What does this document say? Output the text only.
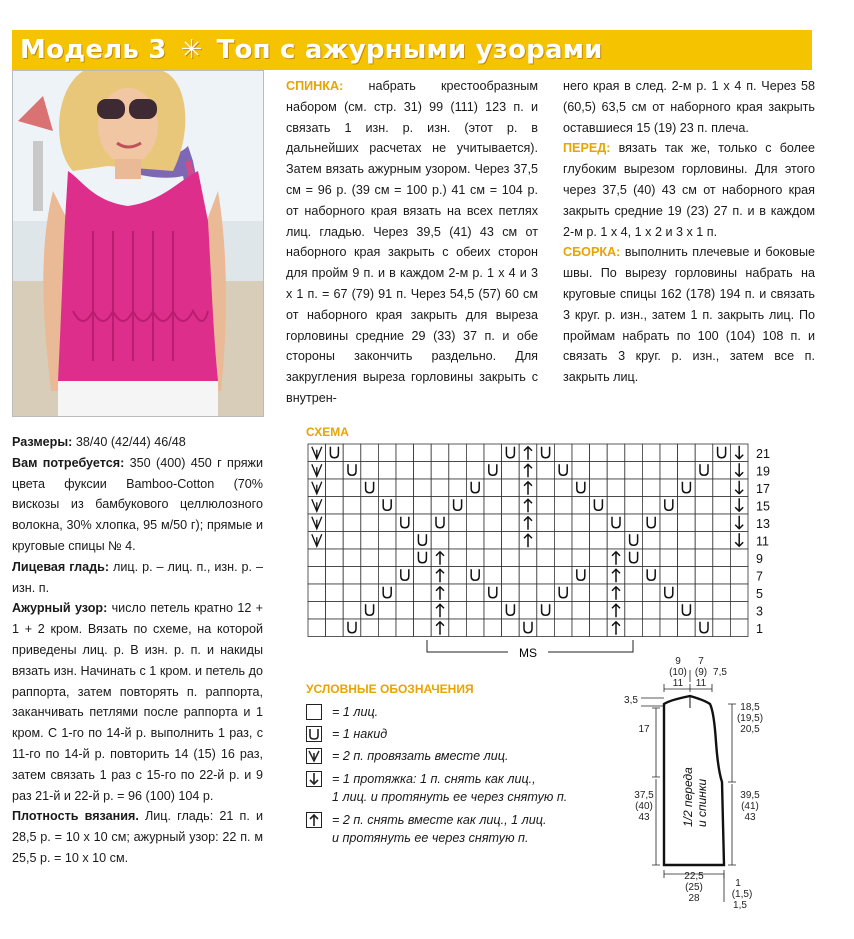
Модель 3 ✳ Топ с ажурными узорами

Размеры: 38/40 (42/44) 46/48

Вам потребуется: 350 (400) 450 г пряжи цвета фуксии Bamboo-Cotton (70% вискозы из бамбукового целлюлозного волокна, 30% хлопка, 95 м/50 г); прямые и круговые спицы № 4.

Лицевая гладь: лиц. р. – лиц. п., изн. р. – изн. п.

Ажурный узор: число петель кратно 12 + 1 + 2 кром. Вязать по схеме, на которой приведены лиц. р. В изн. р. п. и накиды вязать изн. Начинать с 1 кром. и петель до раппорта, затем повторять п. раппорта, заканчивать петлями после раппорта и 1 кром. С 1-го по 14-й р. выполнить 1 раз, с 11-го по 14-й р. повторить 14 (15) 16 раз, затем связать 1 раз с 15-го по 22-й р. и 9 раз 21-й и 22-й р. = 96 (100) 104 р.

Плотность вязания. Лиц. гладь: 21 п. и 28,5 р. = 10 х 10 см; ажурный узор: 22 п. м 25,5 р. = 10 х 10 см.

СПИНКА: набрать крестообразным набором (см. стр. 31) 99 (111) 123 п. и связать 1 изн. р. изн. (этот р. в дальнейших расчетах не учитывается). Затем вязать ажурным узором. Через 37,5 см = 96 р. (39 см = 100 р.) 41 см = 104 р. от наборного края вязать на всех петлях лиц. гладью. Через 39,5 (41) 43 см от наборного края закрыть с обеих сторон для пройм 9 п. и в каждом 2-м р. 1 х 4 и 3 х 1 п. = 67 (79) 91 п. Через 54,5 (57) 60 см от наборного края закрыть для выреза горловины средние 29 (33) 37 п. и обе стороны закончить раздельно. Для закругления выреза горловины закрыть с внутрен-

него края в след. 2-м р. 1 х 4 п. Через 58 (60,5) 63,5 см от наборного края закрыть оставшиеся 15 (19) 23 п. плеча.

ПЕРЕД: вязать так же, только с более глубоким вырезом горловины. Для этого через 37,5 (40) 43 см от наборного края закрыть средние 19 (23) 27 п. и в каждом 2-м р. 1 х 4, 1 х 2 и 3 х 1 п.

СБОРКА: выполнить плечевые и боковые швы. По вырезу горловины набрать на круговые спицы 162 (178) 194 п. и связать 3 круг. р. изн., затем 1 п. закрыть лиц. По проймам набрать по 100 (104) 108 п. и связать 3 круг. р. изн., затем все п. закрыть лиц.

СХЕМА
21
19
17
15
13
11
9
7
5
3
1
MS
УСЛОВНЫЕ ОБОЗНАЧЕНИЯ
= 1 лиц.
= 1 накид
= 2 п. провязать вместе лиц.
= 1 протяжка: 1 п. снять как лиц.,
1 лиц. и протянуть ее через снятую п.
= 2 п. снять вместе как лиц., 1 лиц.
и протянуть ее через снятую п.
9
(10)
11
7
(9)
11
7,5
3,5
17
37,5
(40)
43
18,5
(19,5)
20,5
39,5
(41)
43
22,5
(25)
28
1
(1,5)
1,5
1/2 переда и спинки
